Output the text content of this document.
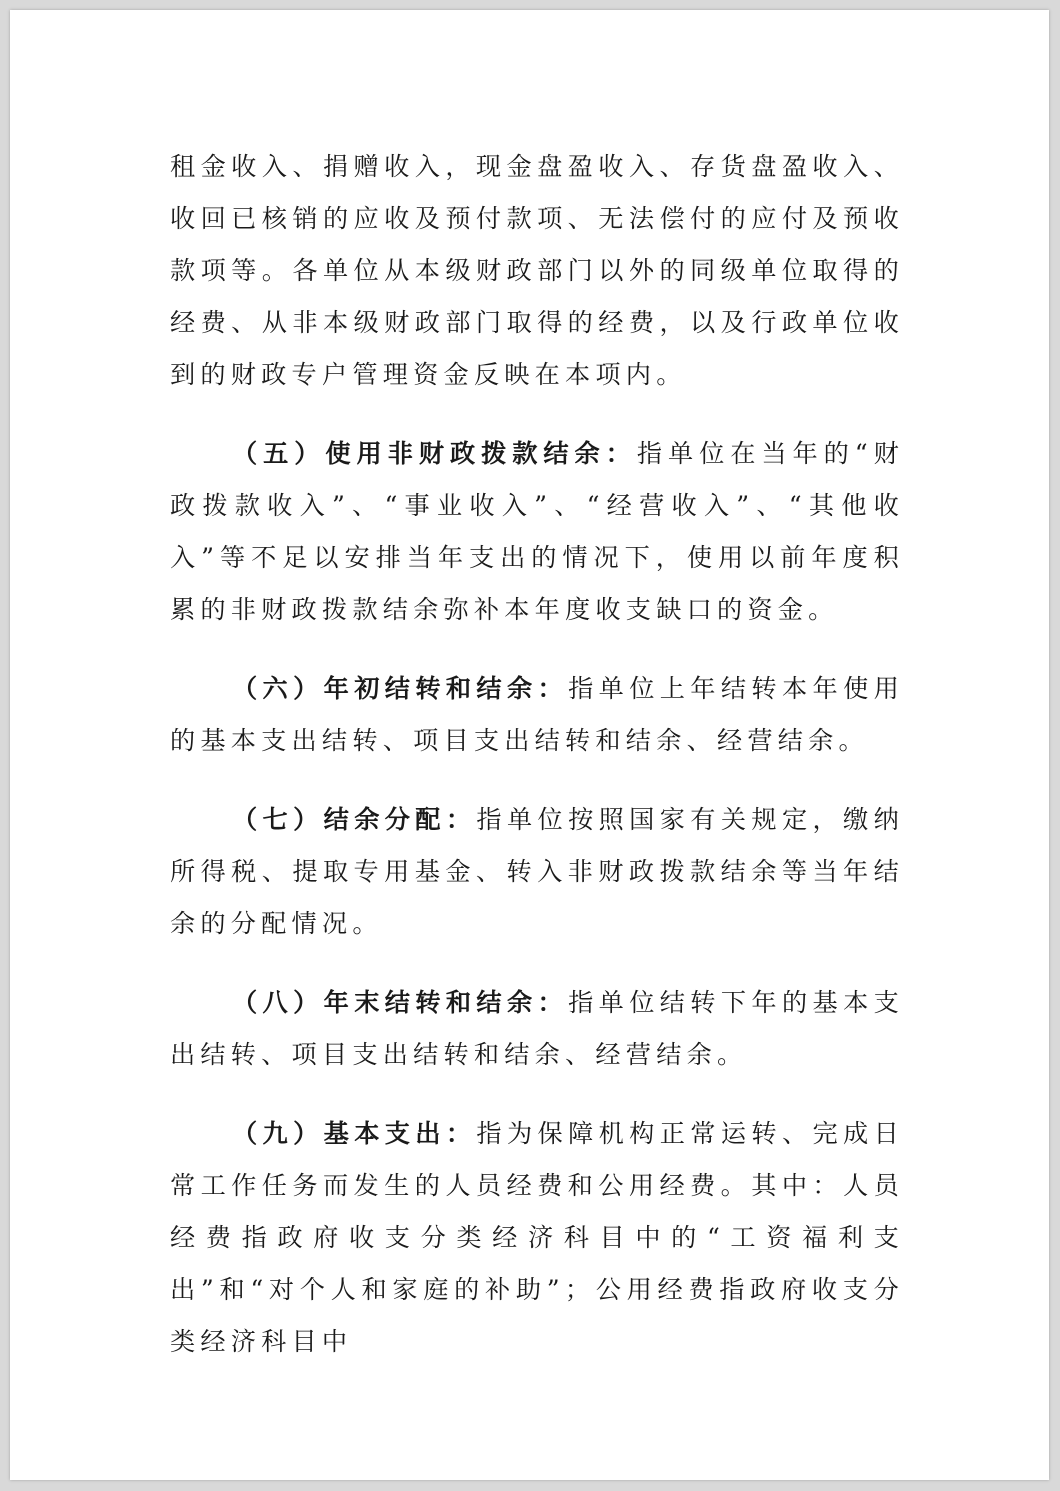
租金收入、捐赠收入，现金盘盈收入、存货盘盈收入、收回已核销的应收及预付款项、无法偿付的应付及预收款项等。各单位从本级财政部门以外的同级单位取得的经费、从非本级财政部门取得的经费，以及行政单位收到的财政专户管理资金反映在本项内。

（五）使用非财政拨款结余：指单位在当年的“财政拨款收入”、“事业收入”、“经营收入”、“其他收入”等不足以安排当年支出的情况下，使用以前年度积累的非财政拨款结余弥补本年度收支缺口的资金。

（六）年初结转和结余：指单位上年结转本年使用的基本支出结转、项目支出结转和结余、经营结余。

（七）结余分配：指单位按照国家有关规定，缴纳所得税、提取专用基金、转入非财政拨款结余等当年结余的分配情况。

（八）年末结转和结余：指单位结转下年的基本支出结转、项目支出结转和结余、经营结余。

（九）基本支出：指为保障机构正常运转、完成日常工作任务而发生的人员经费和公用经费。其中：人员经费指政府收支分类经济科目中的“工资福利支出”和“对个人和家庭的补助”；公用经费指政府收支分类经济科目中
